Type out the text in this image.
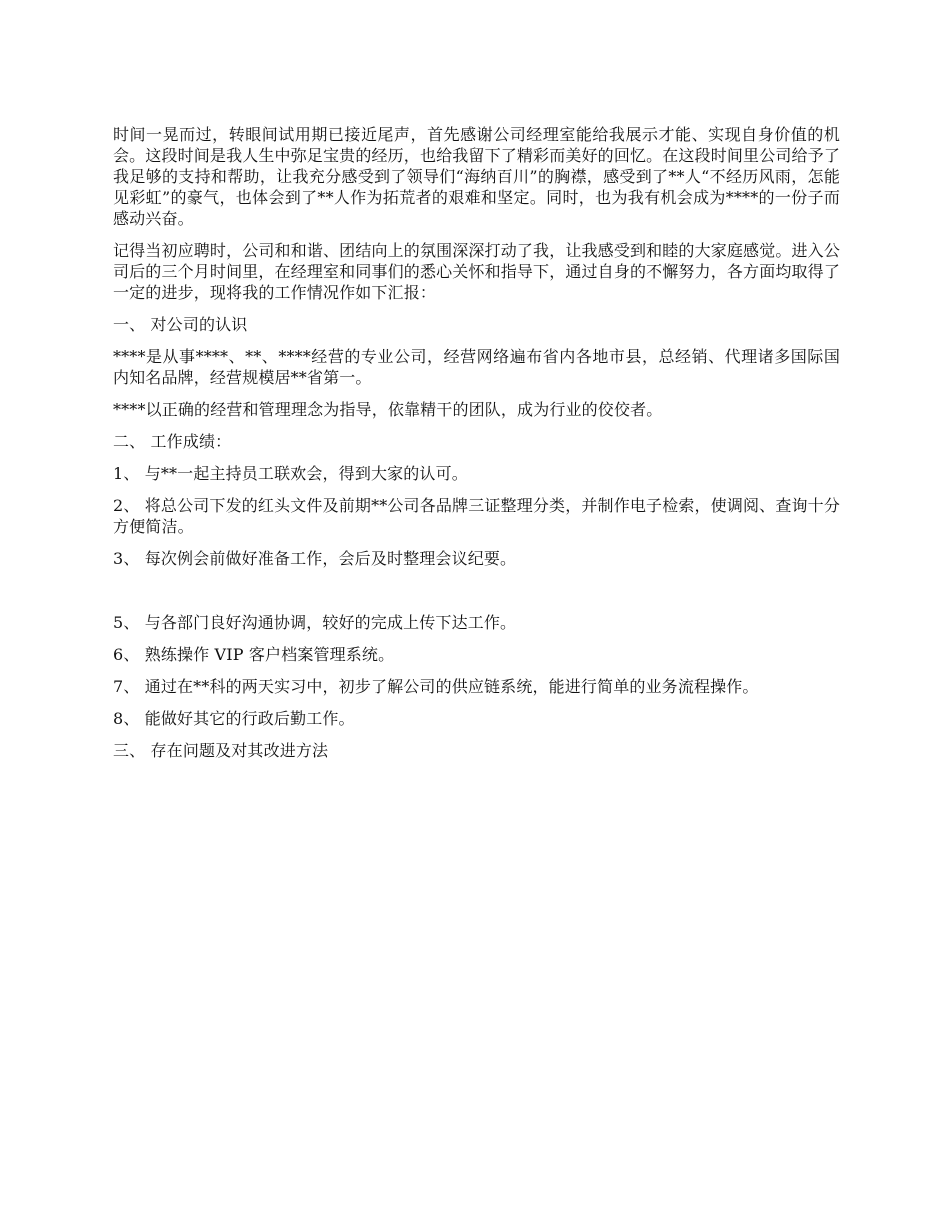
时间一晃而过，转眼间试用期已接近尾声，首先感谢公司经理室能给我展示才能、实现自身价值的机会。这段时间是我人生中弥足宝贵的经历，也给我留下了精彩而美好的回忆。在这段时间里公司给予了我足够的支持和帮助，让我充分感受到了领导们“海纳百川”的胸襟，感受到了**人“不经历风雨，怎能见彩虹”的豪气，也体会到了**人作为拓荒者的艰难和坚定。同时，也为我有机会成为****的一份子而感动兴奋。

记得当初应聘时，公司和和谐、团结向上的氛围深深打动了我，让我感受到和睦的大家庭感觉。进入公司后的三个月时间里，在经理室和同事们的悉心关怀和指导下，通过自身的不懈努力，各方面均取得了一定的进步，现将我的工作情况作如下汇报：

一、 对公司的认识

****是从事****、**、****经营的专业公司，经营网络遍布省内各地市县，总经销、代理诸多国际国内知名品牌，经营规模居**省第一。

****以正确的经营和管理理念为指导，依靠精干的团队，成为行业的佼佼者。

二、 工作成绩：

1、 与**一起主持员工联欢会，得到大家的认可。

2、 将总公司下发的红头文件及前期**公司各品牌三证整理分类，并制作电子检索，使调阅、查询十分方便简洁。

3、 每次例会前做好准备工作，会后及时整理会议纪要。

5、 与各部门良好沟通协调，较好的完成上传下达工作。

6、 熟练操作 VIP 客户档案管理系统。

7、 通过在**科的两天实习中，初步了解公司的供应链系统，能进行简单的业务流程操作。

8、 能做好其它的行政后勤工作。

三、 存在问题及对其改进方法
